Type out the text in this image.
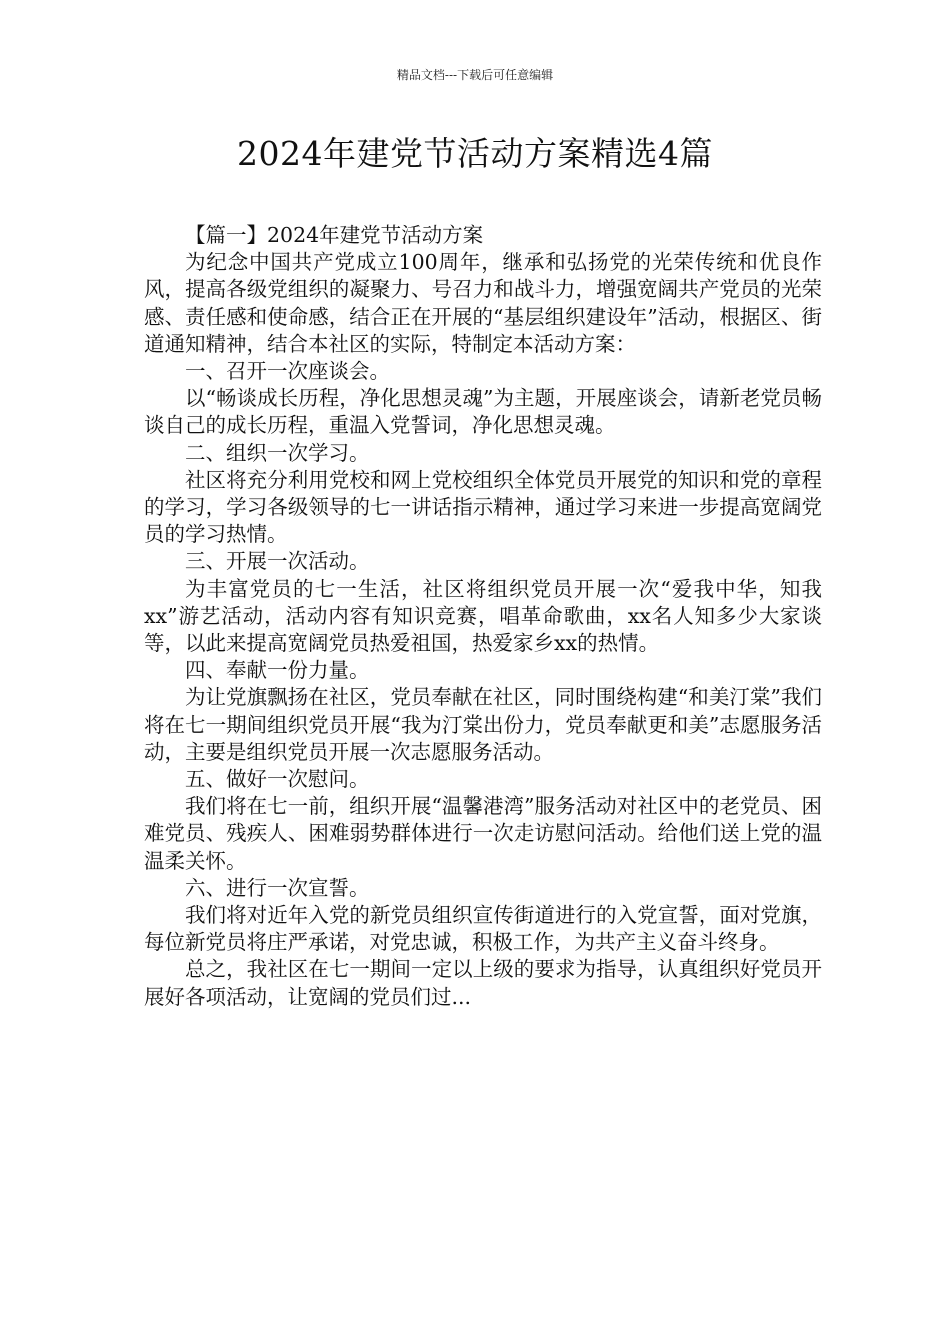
精品文档---下载后可任意编辑
2024年建党节活动方案精选4篇

【篇一】2024年建党节活动方案

为纪念中国共产党成立100周年，继承和弘扬党的光荣传统和优良作风，提高各级党组织的凝聚力、号召力和战斗力，增强宽阔共产党员的光荣感、责任感和使命感，结合正在开展的“基层组织建设年”活动，根据区、街道通知精神，结合本社区的实际，特制定本活动方案：

一、召开一次座谈会。

以“畅谈成长历程，净化思想灵魂”为主题，开展座谈会，请新老党员畅谈自己的成长历程，重温入党誓词，净化思想灵魂。

二、组织一次学习。

社区将充分利用党校和网上党校组织全体党员开展党的知识和党的章程的学习，学习各级领导的七一讲话指示精神，通过学习来进一步提高宽阔党员的学习热情。

三、开展一次活动。

为丰富党员的七一生活，社区将组织党员开展一次“爱我中华，知我xx”游艺活动，活动内容有知识竞赛，唱革命歌曲，xx名人知多少大家谈等，以此来提高宽阔党员热爱祖国，热爱家乡xx的热情。

四、奉献一份力量。

为让党旗飘扬在社区，党员奉献在社区，同时围绕构建“和美汀棠”我们将在七一期间组织党员开展“我为汀棠出份力，党员奉献更和美”志愿服务活动，主要是组织党员开展一次志愿服务活动。

五、做好一次慰问。

我们将在七一前，组织开展“温馨港湾”服务活动对社区中的老党员、困难党员、残疾人、困难弱势群体进行一次走访慰问活动。给他们送上党的温温柔关怀。

六、进行一次宣誓。

我们将对近年入党的新党员组织宣传街道进行的入党宣誓，面对党旗，每位新党员将庄严承诺，对党忠诚，积极工作，为共产主义奋斗终身。

总之，我社区在七一期间一定以上级的要求为指导，认真组织好党员开展好各项活动，让宽阔的党员们过...
